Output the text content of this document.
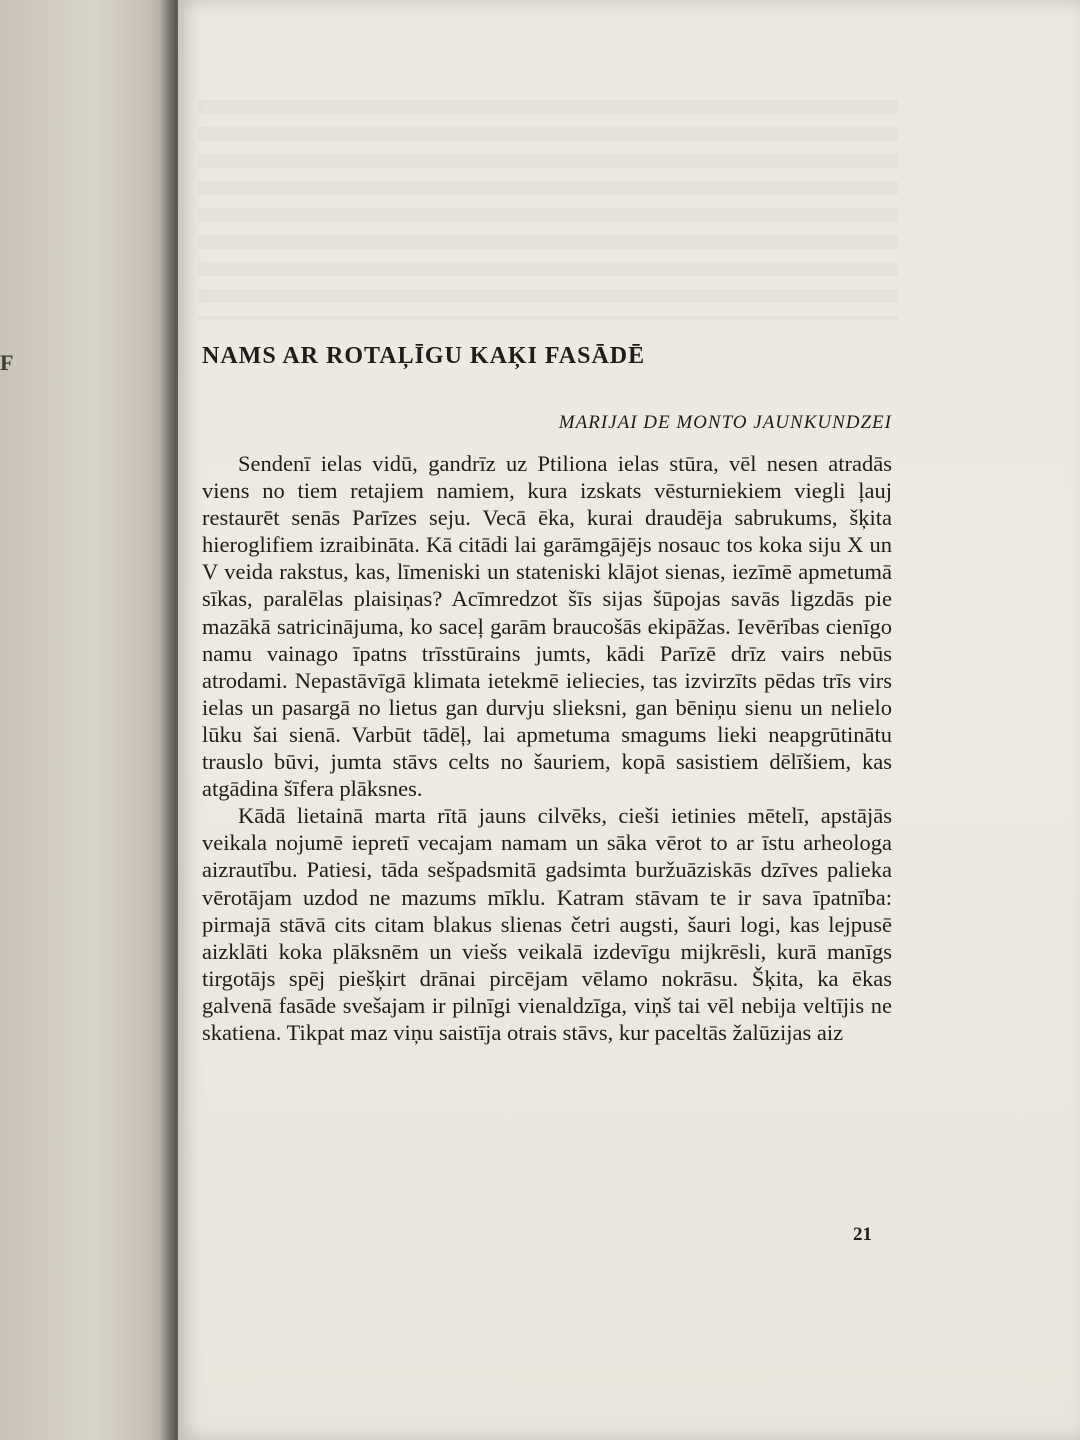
F	NAMS AR ROTAĻĪGU KAĶI FASĀDĒ
MARIJAI DE MONTO JAUNKUNDZEI

Sendenī ielas vidū, gandrīz uz Ptiliona ielas stūra, vēl nesen atradās viens no tiem retajiem namiem, kura izskats vēsturniekiem viegli ļauj restaurēt senās Parīzes seju. Vecā ēka, kurai draudēja sabrukums, šķita hieroglifiem izraibināta. Kā citādi lai garāmgājējs nosauc tos koka siju X un V veida rakstus, kas, līmeniski un stateniski klājot sienas, iezīmē apmetumā sīkas, paralēlas plaisiņas? Acīmredzot šīs sijas šūpojas savās ligzdās pie mazākā satricinājuma, ko saceļ garām braucošās ekipāžas. Ievērības cienīgo namu vainago īpatns trīsstūrains jumts, kādi Parīzē drīz vairs nebūs atrodami. Nepastāvīgā klimata ietekmē ieliecies, tas izvirzīts pēdas trīs virs ielas un pasargā no lietus gan durvju slieksni, gan bēniņu sienu un nelielo lūku šai sienā. Varbūt tādēļ, lai apmetuma smagums lieki neapgrūtinātu trauslo būvi, jumta stāvs celts no šauriem, kopā sasistiem dēlīšiem, kas atgādina šīfera plāksnes.

Kādā lietainā marta rītā jauns cilvēks, cieši ietinies mētelī, apstājās veikala nojumē iepretī vecajam namam un sāka vērot to ar īstu arheologa aizrautību. Patiesi, tāda sešpadsmitā gadsimta buržuāziskās dzīves palieka vērotājam uzdod ne mazums mīklu. Katram stāvam te ir sava īpatnība: pirmajā stāvā cits citam blakus slienas četri augsti, šauri logi, kas lejpusē aizklāti koka plāksnēm un viešs veikalā izdevīgu mijkrēsli, kurā manīgs tirgotājs spēj piešķirt drānai pircējam vēlamo nokrāsu. Šķita, ka ēkas galvenā fasāde svešajam ir pilnīgi vienaldzīga, viņš tai vēl nebija veltījis ne skatiena. Tikpat maz viņu saistīja otrais stāvs, kur paceltās žalūzijas aiz

21
